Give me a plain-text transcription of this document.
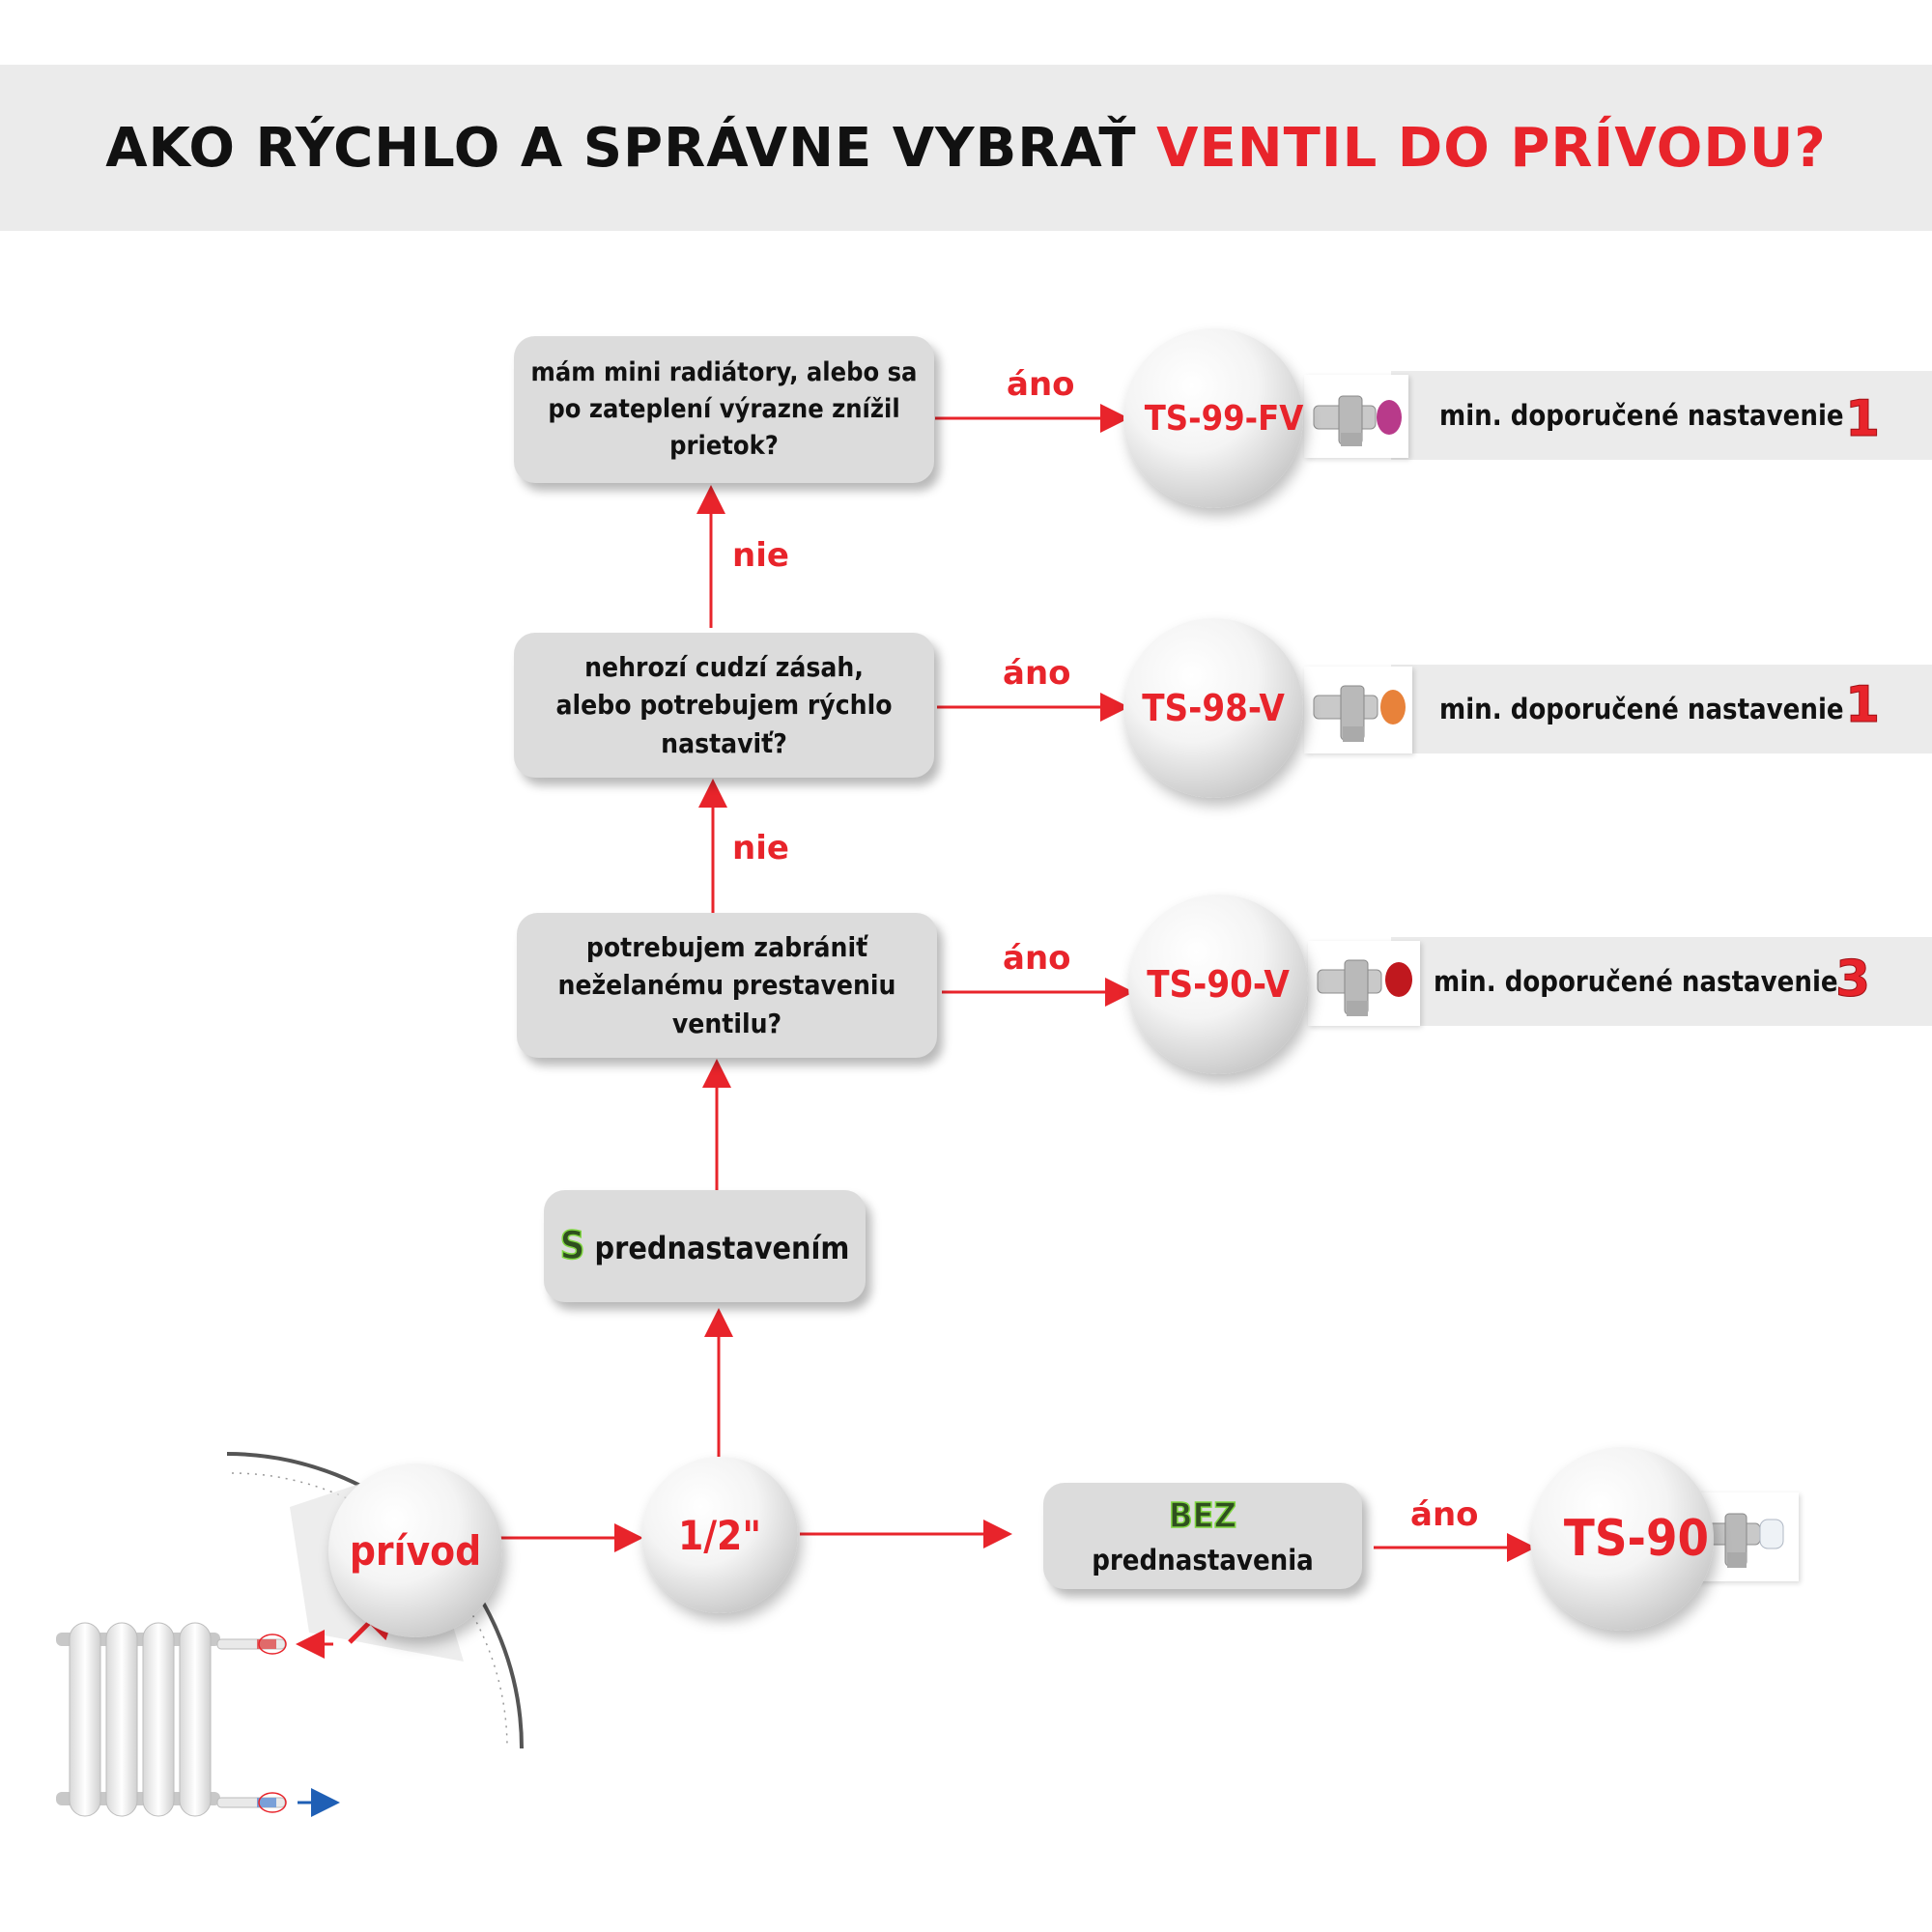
AKO RÝCHLO A SPRÁVNE VYBRAŤ VENTIL DO PRÍVODU?
min. doporučené nastavenie
min. doporučené nastavenie
min. doporučené nastavenie
1
1
3
prívod	1/2"
TS-99-FV
TS-98-V
TS-90-V
TS-90
S prednastavením
BEZ prednastavenia
potrebujem zabrániť
neželanému prestaveniu
ventilu?
nehrozí cudzí zásah,
alebo potrebujem rýchlo
nastaviť?
mám mini radiátory, alebo sa
po zateplení výrazne znížil
prietok?
áno
áno
áno
áno
nie
nie
